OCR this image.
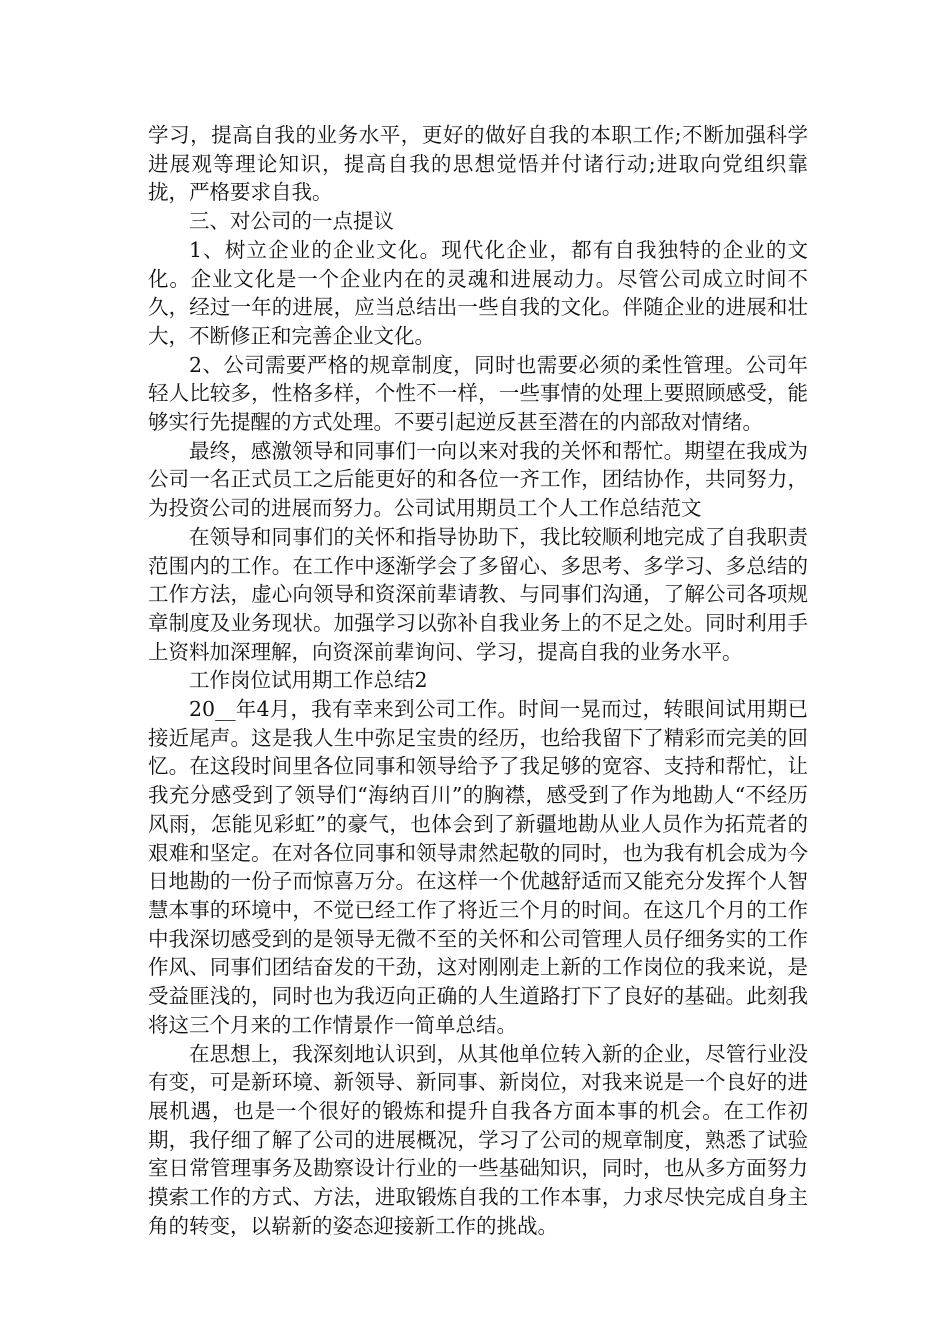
学习，提高自我的业务水平，更好的做好自我的本职工作;不断加强科学进展观等理论知识，提高自我的思想觉悟并付诸行动;进取向党组织靠拢，严格要求自我。

三、对公司的一点提议

1、树立企业的企业文化。现代化企业，都有自我独特的企业的文化。企业文化是一个企业内在的灵魂和进展动力。尽管公司成立时间不久，经过一年的进展，应当总结出一些自我的文化。伴随企业的进展和壮大，不断修正和完善企业文化。

2、公司需要严格的规章制度，同时也需要必须的柔性管理。公司年轻人比较多，性格多样，个性不一样，一些事情的处理上要照顾感受，能够实行先提醒的方式处理。不要引起逆反甚至潜在的内部敌对情绪。

最终，感激领导和同事们一向以来对我的关怀和帮忙。期望在我成为公司一名正式员工之后能更好的和各位一齐工作，团结协作，共同努力，为投资公司的进展而努力。公司试用期员工个人工作总结范文

在领导和同事们的关怀和指导协助下，我比较顺利地完成了自我职责范围内的工作。在工作中逐渐学会了多留心、多思考、多学习、多总结的工作方法，虚心向领导和资深前辈请教、与同事们沟通，了解公司各项规章制度及业务现状。加强学习以弥补自我业务上的不足之处。同时利用手上资料加深理解，向资深前辈询问、学习，提高自我的业务水平。

工作岗位试用期工作总结2

20__年4月，我有幸来到公司工作。时间一晃而过，转眼间试用期已接近尾声。这是我人生中弥足宝贵的经历，也给我留下了精彩而完美的回忆。在这段时间里各位同事和领导给予了我足够的宽容、支持和帮忙，让我充分感受到了领导们“海纳百川”的胸襟，感受到了作为地勘人“不经历风雨，怎能见彩虹”的豪气，也体会到了新疆地勘从业人员作为拓荒者的艰难和坚定。在对各位同事和领导肃然起敬的同时，也为我有机会成为今日地勘的一份子而惊喜万分。在这样一个优越舒适而又能充分发挥个人智慧本事的环境中，不觉已经工作了将近三个月的时间。在这几个月的工作中我深切感受到的是领导无微不至的关怀和公司管理人员仔细务实的工作作风、同事们团结奋发的干劲，这对刚刚走上新的工作岗位的我来说，是受益匪浅的，同时也为我迈向正确的人生道路打下了良好的基础。此刻我将这三个月来的工作情景作一简单总结。

在思想上，我深刻地认识到，从其他单位转入新的企业，尽管行业没有变，可是新环境、新领导、新同事、新岗位，对我来说是一个良好的进展机遇，也是一个很好的锻炼和提升自我各方面本事的机会。在工作初期，我仔细了解了公司的进展概况，学习了公司的规章制度，熟悉了试验室日常管理事务及勘察设计行业的一些基础知识，同时，也从多方面努力摸索工作的方式、方法，进取锻炼自我的工作本事，力求尽快完成自身主角的转变，以崭新的姿态迎接新工作的挑战。
